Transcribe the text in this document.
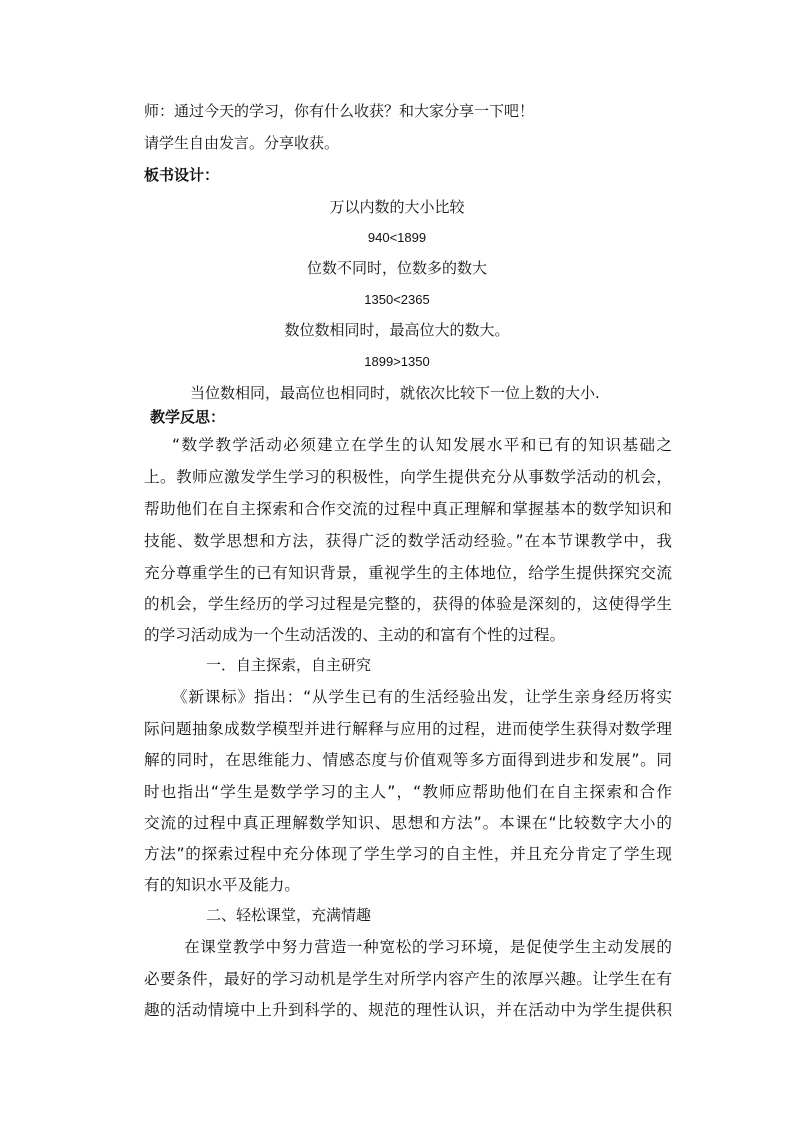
师：通过今天的学习，你有什么收获？和大家分享一下吧！
请学生自由发言。分享收获。
板书设计：
万以内数的大小比较
940<1899
位数不同时，位数多的数大
1350<2365
数位数相同时，最高位大的数大。
1899>1350
当位数相同，最高位也相同时，就依次比较下一位上数的大小.
教学反思：
“数学教学活动必须建立在学生的认知发展水平和已有的知识基础之
上。教师应激发学生学习的积极性，向学生提供充分从事数学活动的机会，
帮助他们在自主探索和合作交流的过程中真正理解和掌握基本的数学知识和
技能、数学思想和方法，获得广泛的数学活动经验。”在本节课教学中，我
充分尊重学生的已有知识背景，重视学生的主体地位，给学生提供探究交流
的机会，学生经历的学习过程是完整的，获得的体验是深刻的，这使得学生
的学习活动成为一个生动活泼的、主动的和富有个性的过程。
一．自主探索，自主研究
《新课标》指出：“从学生已有的生活经验出发，让学生亲身经历将实
际问题抽象成数学模型并进行解释与应用的过程，进而使学生获得对数学理
解的同时，在思维能力、情感态度与价值观等多方面得到进步和发展”。同
时也指出“学生是数学学习的主人”，“教师应帮助他们在自主探索和合作
交流的过程中真正理解数学知识、思想和方法”。本课在“比较数字大小的
方法”的探索过程中充分体现了学生学习的自主性，并且充分肯定了学生现
有的知识水平及能力。
二、轻松课堂，充满情趣
在课堂教学中努力营造一种宽松的学习环境，是促使学生主动发展的
必要条件，最好的学习动机是学生对所学内容产生的浓厚兴趣。让学生在有
趣的活动情境中上升到科学的、规范的理性认识，并在活动中为学生提供积
